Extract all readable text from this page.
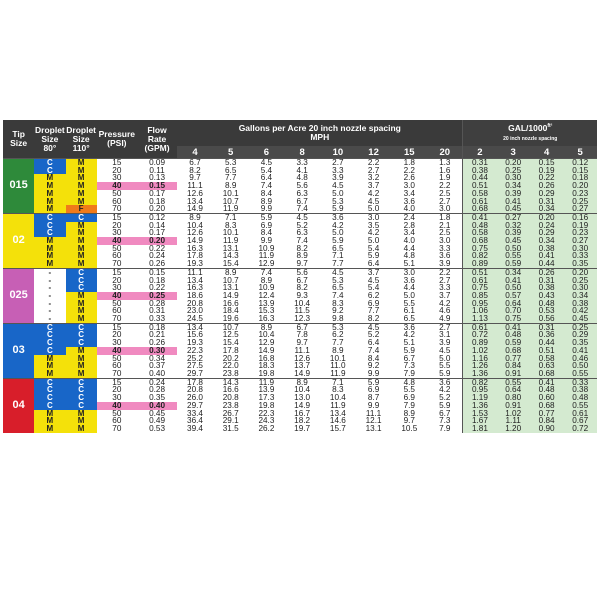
Tip
Size	Droplet
Size
80°	Droplet
Size
110°	Pressure
(PSI)	Flow
Rate
(GPM)	Gallons per Acre 20 inch nozzle spacing
MPH								GAL/$1000^{ft^2}$
20 inch nozzle spacing			
					4	5	6	8	10	12	15	20	2	3	4	5
015	C	M	15	0.09	6.7	5.3	4.5	3.3	2.7	2.2	1.8	1.3	0.31	0.20	0.15	0.12
	C	M	20	0.11	8.2	6.5	5.4	4.1	3.3	2.7	2.2	1.6	0.38	0.25	0.19	0.15
	M	M	30	0.13	9.7	7.7	6.4	4.8	3.9	3.2	2.6	1.9	0.44	0.30	0.22	0.18
	M	M	40	0.15	11.1	8.9	7.4	5.6	4.5	3.7	3.0	2.2	0.51	0.34	0.26	0.20
	M	M	50	0.17	12.6	10.1	8.4	6.3	5.0	4.2	3.4	2.5	0.58	0.39	0.29	0.23
	M	M	60	0.18	13.4	10.7	8.9	6.7	5.3	4.5	3.6	2.7	0.61	0.41	0.31	0.25
	M	F	70	0.20	14.9	11.9	9.9	7.4	5.9	5.0	4.0	3.0	0.68	0.45	0.34	0.27
02	C	C	15	0.12	8.9	7.1	5.9	4.5	3.6	3.0	2.4	1.8	0.41	0.27	0.20	0.16
	C	M	20	0.14	10.4	8.3	6.9	5.2	4.2	3.5	2.8	2.1	0.48	0.32	0.24	0.19
	C	M	30	0.17	12.6	10.1	8.4	6.3	5.0	4.2	3.4	2.5	0.58	0.39	0.29	0.23
	M	M	40	0.20	14.9	11.9	9.9	7.4	5.9	5.0	4.0	3.0	0.68	0.45	0.34	0.27
	M	M	50	0.22	16.3	13.1	10.9	8.2	6.5	5.4	4.4	3.3	0.75	0.50	0.38	0.30
	M	M	60	0.24	17.8	14.3	11.9	8.9	7.1	5.9	4.8	3.6	0.82	0.55	0.41	0.33
	M	M	70	0.26	19.3	15.4	12.9	9.7	7.7	6.4	5.1	3.9	0.89	0.59	0.44	0.35
025	-	C	15	0.15	11.1	8.9	7.4	5.6	4.5	3.7	3.0	2.2	0.51	0.34	0.26	0.20
	-	C	20	0.18	13.4	10.7	8.9	6.7	5.3	4.5	3.6	2.7	0.61	0.41	0.31	0.25
	-	C	30	0.22	16.3	13.1	10.9	8.2	6.5	5.4	4.4	3.3	0.75	0.50	0.38	0.30
	-	M	40	0.25	18.6	14.9	12.4	9.3	7.4	6.2	5.0	3.7	0.85	0.57	0.43	0.34
	-	M	50	0.28	20.8	16.6	13.9	10.4	8.3	6.9	5.5	4.2	0.95	0.64	0.48	0.38
	-	M	60	0.31	23.0	18.4	15.3	11.5	9.2	7.7	6.1	4.6	1.06	0.70	0.53	0.42
	-	M	70	0.33	24.5	19.6	16.3	12.3	9.8	8.2	6.5	4.9	1.13	0.75	0.56	0.45
03	C	C	15	0.18	13.4	10.7	8.9	6.7	5.3	4.5	3.6	2.7	0.61	0.41	0.31	0.25
	C	C	20	0.21	15.6	12.5	10.4	7.8	6.2	5.2	4.2	3.1	0.72	0.48	0.36	0.29
	C	C	30	0.26	19.3	15.4	12.9	9.7	7.7	6.4	5.1	3.9	0.89	0.59	0.44	0.35
	C	M	40	0.30	22.3	17.8	14.9	11.1	8.9	7.4	5.9	4.5	1.02	0.68	0.51	0.41
	M	M	50	0.34	25.2	20.2	16.8	12.6	10.1	8.4	6.7	5.0	1.16	0.77	0.58	0.46
	M	M	60	0.37	27.5	22.0	18.3	13.7	11.0	9.2	7.3	5.5	1.26	0.84	0.63	0.50
	M	M	70	0.40	29.7	23.8	19.8	14.9	11.9	9.9	7.9	5.9	1.36	0.91	0.68	0.55
04	C	C	15	0.24	17.8	14.3	11.9	8.9	7.1	5.9	4.8	3.6	0.82	0.55	0.41	0.33
	C	C	20	0.28	20.8	16.6	13.9	10.4	8.3	6.9	5.5	4.2	0.95	0.64	0.48	0.38
	C	C	30	0.35	26.0	20.8	17.3	13.0	10.4	8.7	6.9	5.2	1.19	0.80	0.60	0.48
	C	C	40	0.40	29.7	23.8	19.8	14.9	11.9	9.9	7.9	5.9	1.36	0.91	0.68	0.55
	M	M	50	0.45	33.4	26.7	22.3	16.7	13.4	11.1	8.9	6.7	1.53	1.02	0.77	0.61
	M	M	60	0.49	36.4	29.1	24.3	18.2	14.6	12.1	9.7	7.3	1.67	1.11	0.84	0.67
	M	M	70	0.53	39.4	31.5	26.2	19.7	15.7	13.1	10.5	7.9	1.81	1.20	0.90	0.72
